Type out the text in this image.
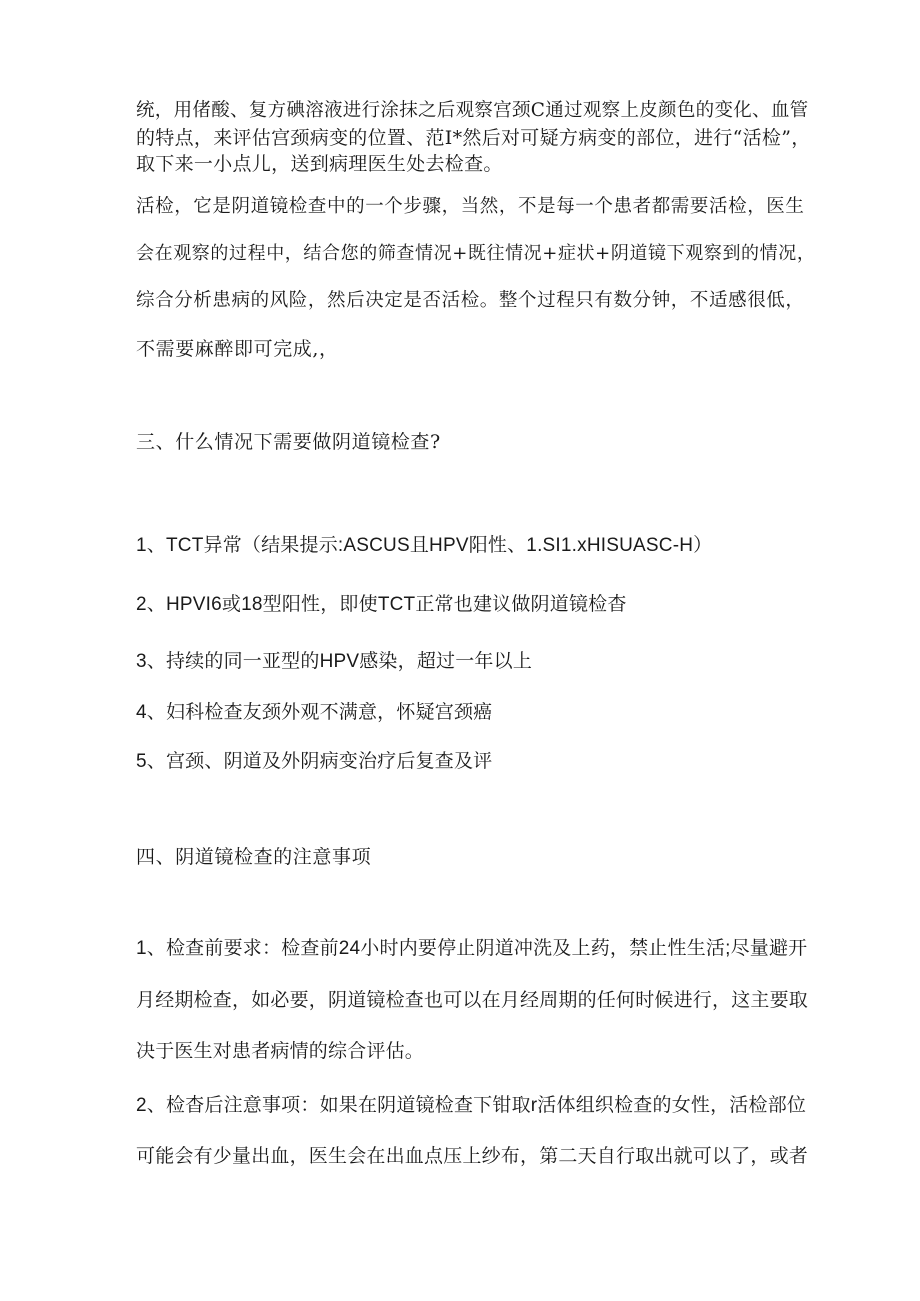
统，用偖酸、复方碘溶液进行涂抹之后观察宫颈C通过观察上皮颜色的变化、血管
的特点，来评估宫颈病变的位置、范I*然后对可疑方病变的部位，进行“活检”，
取下来一小点儿，送到病理医生处去检查。
活检，它是阴道镜检查中的一个步骤，当然，不是每一个患者都需要活检，医生
会在观察的过程中，结合您的筛查情况+既往情况+症状+阴道镜下观察到的情况，
综合分析患病的风险，然后决定是否活检。整个过程只有数分钟，不适感很低，
不需要麻醉即可完成,，
三、什么情况下需要做阴道镜检查?
1、TCT异常（结果提示:ASCUS且HPV阳性、1.SI1.xHISUASC-H）
2、HPVI6或18型阳性，即使TCT正常也建议做阴道镜检杳
3、持续的同一亚型的HPV感染，超过一年以上
4、妇科检查友颈外观不满意，怀疑宫颈癌
5、宫颈、阴道及外阴病变治疗后复查及评
四、阴道镜检查的注意事项
1、检查前要求：检查前24小时内要停止阴道冲洗及上药，禁止性生活;尽量避开
月经期检查，如必要，阴道镜检查也可以在月经周期的任何时候进行，这主要取
决于医生对患者病情的综合评估。
2、检杳后注意事项：如果在阴道镜检查下钳取r活体组织检查的女性，活检部位
可能会有少量出血，医生会在出血点压上纱布，第二天自行取出就可以了，或者
